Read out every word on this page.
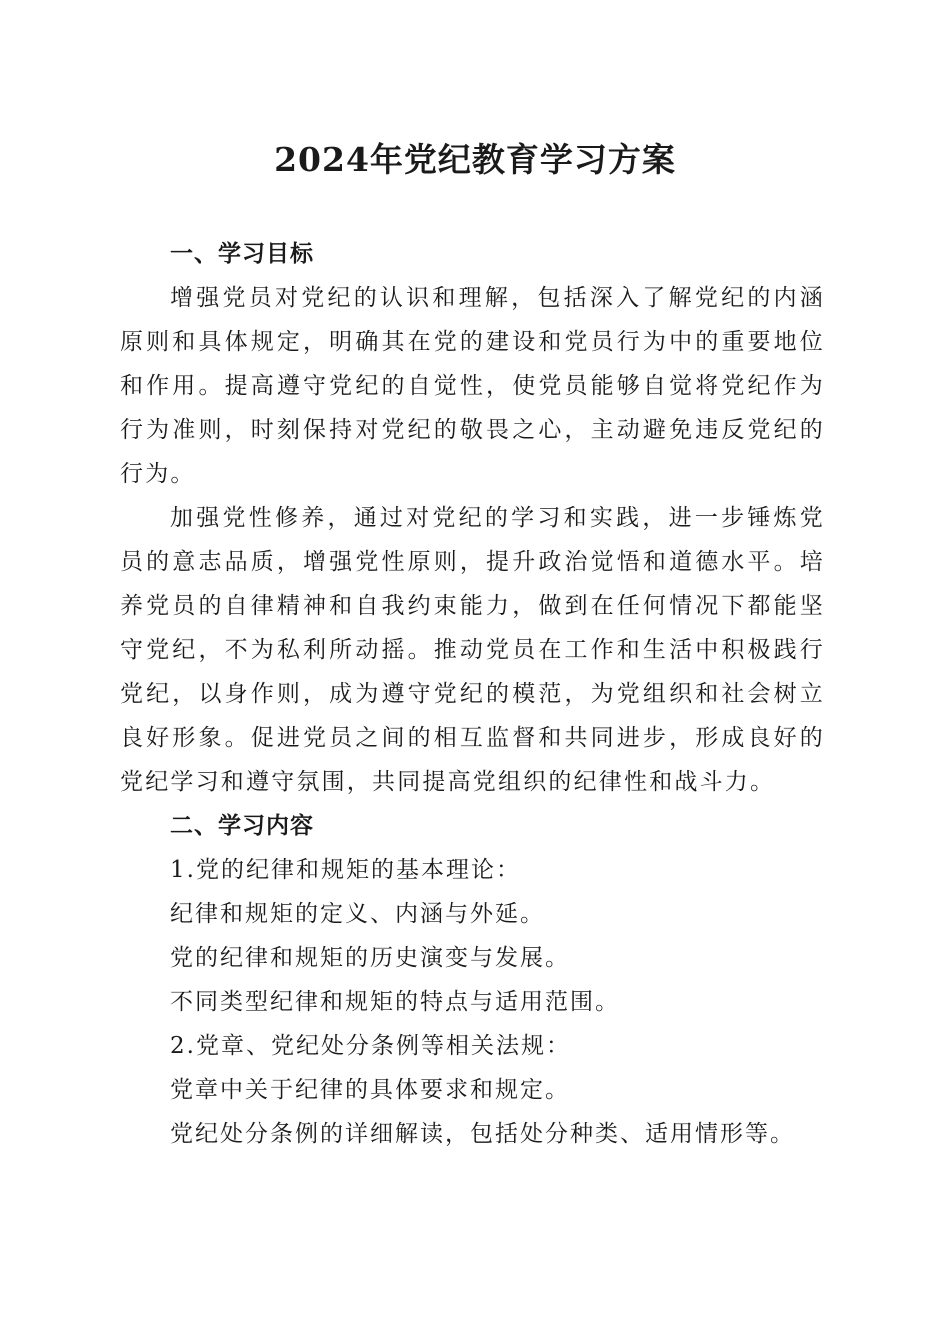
2024年党纪教育学习方案
一、学习目标

增强党员对党纪的认识和理解，包括深入了解党纪的内涵原则和具体规定，明确其在党的建设和党员行为中的重要地位和作用。提高遵守党纪的自觉性，使党员能够自觉将党纪作为行为准则，时刻保持对党纪的敬畏之心，主动避免违反党纪的行为。

加强党性修养，通过对党纪的学习和实践，进一步锤炼党员的意志品质，增强党性原则，提升政治觉悟和道德水平。培养党员的自律精神和自我约束能力，做到在任何情况下都能坚守党纪，不为私利所动摇。推动党员在工作和生活中积极践行党纪，以身作则，成为遵守党纪的模范，为党组织和社会树立良好形象。促进党员之间的相互监督和共同进步，形成良好的党纪学习和遵守氛围，共同提高党组织的纪律性和战斗力。

二、学习内容
1.党的纪律和规矩的基本理论：
纪律和规矩的定义、内涵与外延。
党的纪律和规矩的历史演变与发展。
不同类型纪律和规矩的特点与适用范围。
2.党章、党纪处分条例等相关法规：
党章中关于纪律的具体要求和规定。
党纪处分条例的详细解读，包括处分种类、适用情形等。
